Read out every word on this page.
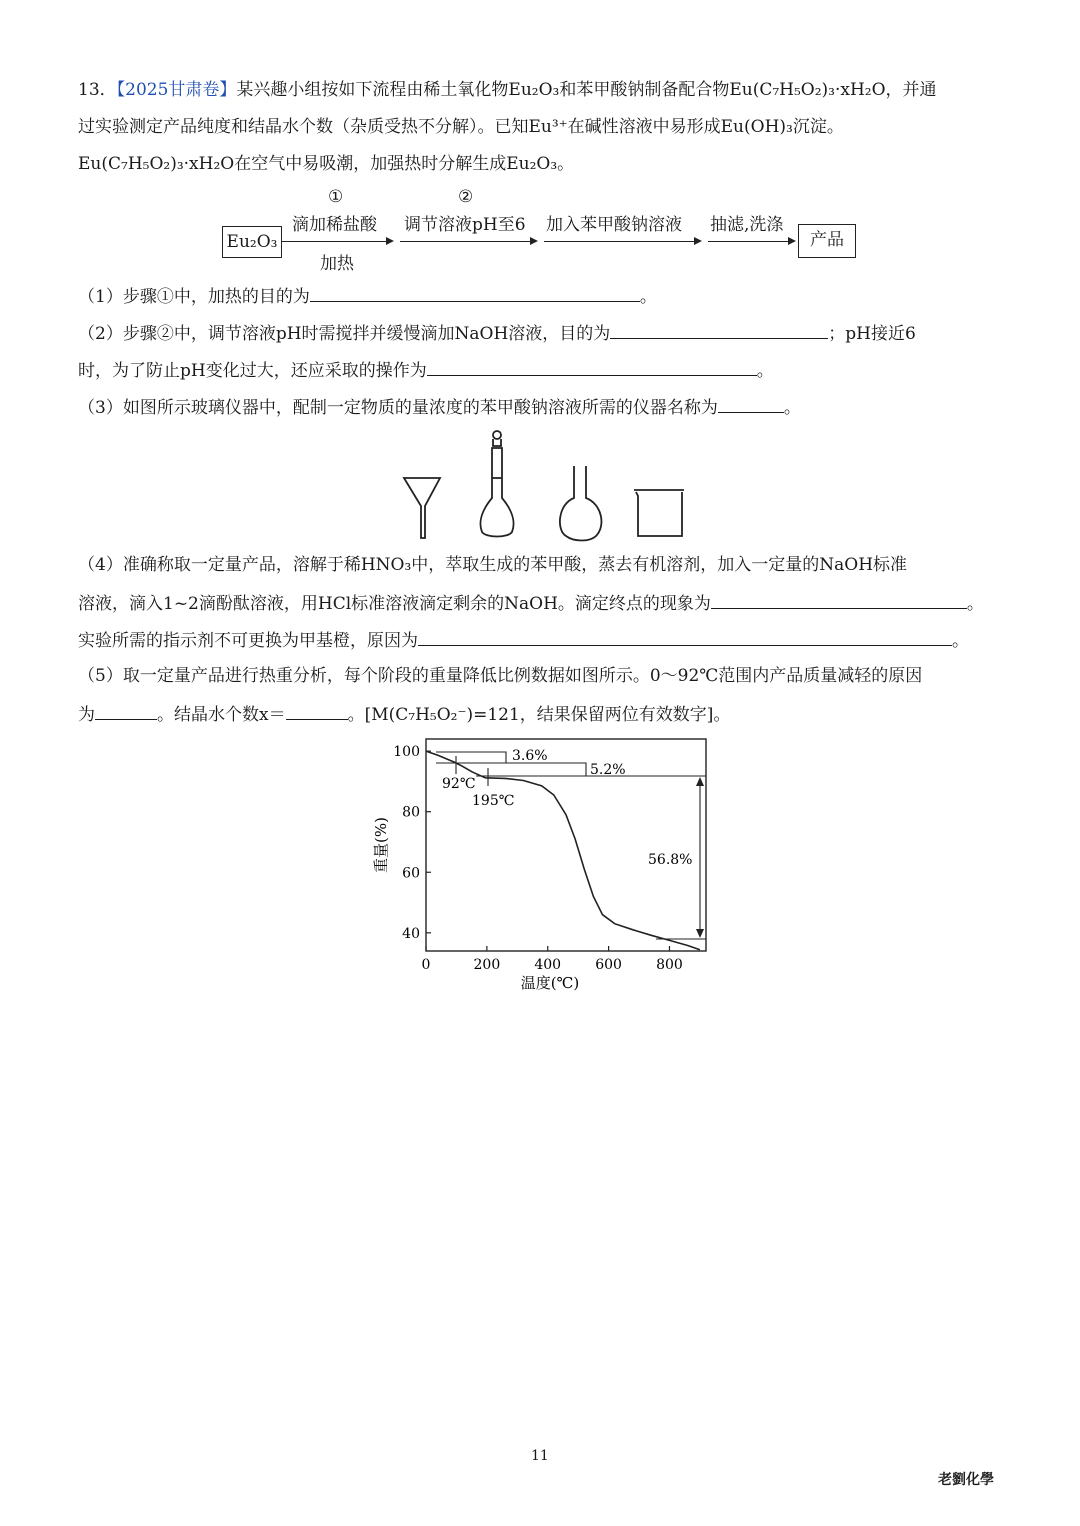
13．【2025甘肃卷】某兴趣小组按如下流程由稀土氧化物Eu₂O₃和苯甲酸钠制备配合物Eu(C₇H₅O₂)₃·xH₂O，并通
过实验测定产品纯度和结晶水个数（杂质受热不分解）。已知Eu³⁺在碱性溶液中易形成Eu(OH)₃沉淀。
Eu(C₇H₅O₂)₃·xH₂O在空气中易吸潮，加强热时分解生成Eu₂O₃。
Eu₂O₃
①
滴加稀盐酸
加热
②
调节溶液pH至6 加入苯甲酸钠溶液 抽滤,洗涤
产品
（1）步骤①中，加热的目的为	。
（2）步骤②中，调节溶液pH时需搅拌并缓慢滴加NaOH溶液，目的为	；pH接近6
时，为了防止pH变化过大，还应采取的操作为	。
（3）如图所示玻璃仪器中，配制一定物质的量浓度的苯甲酸钠溶液所需的仪器名称为	。
（4）准确称取一定量产品，溶解于稀HNO₃中，萃取生成的苯甲酸，蒸去有机溶剂，加入一定量的NaOH标准
溶液，滴入1~2滴酚酞溶液，用HCl标准溶液滴定剩余的NaOH。滴定终点的现象为	。
实验所需的指示剂不可更换为甲基橙，原因为	。
（5）取一定量产品进行热重分析，每个阶段的重量降低比例数据如图所示。0～92℃范围内产品质量减轻的原因
为	。结晶水个数x＝	。[M(C₇H₅O₂⁻)=121，结果保留两位有效数字]。
0	200 400 600 800
40
60
80
100	3.6%
5.2%
92℃
195℃
56.8%
温度(℃)
重量(%)
11
老劉化學
